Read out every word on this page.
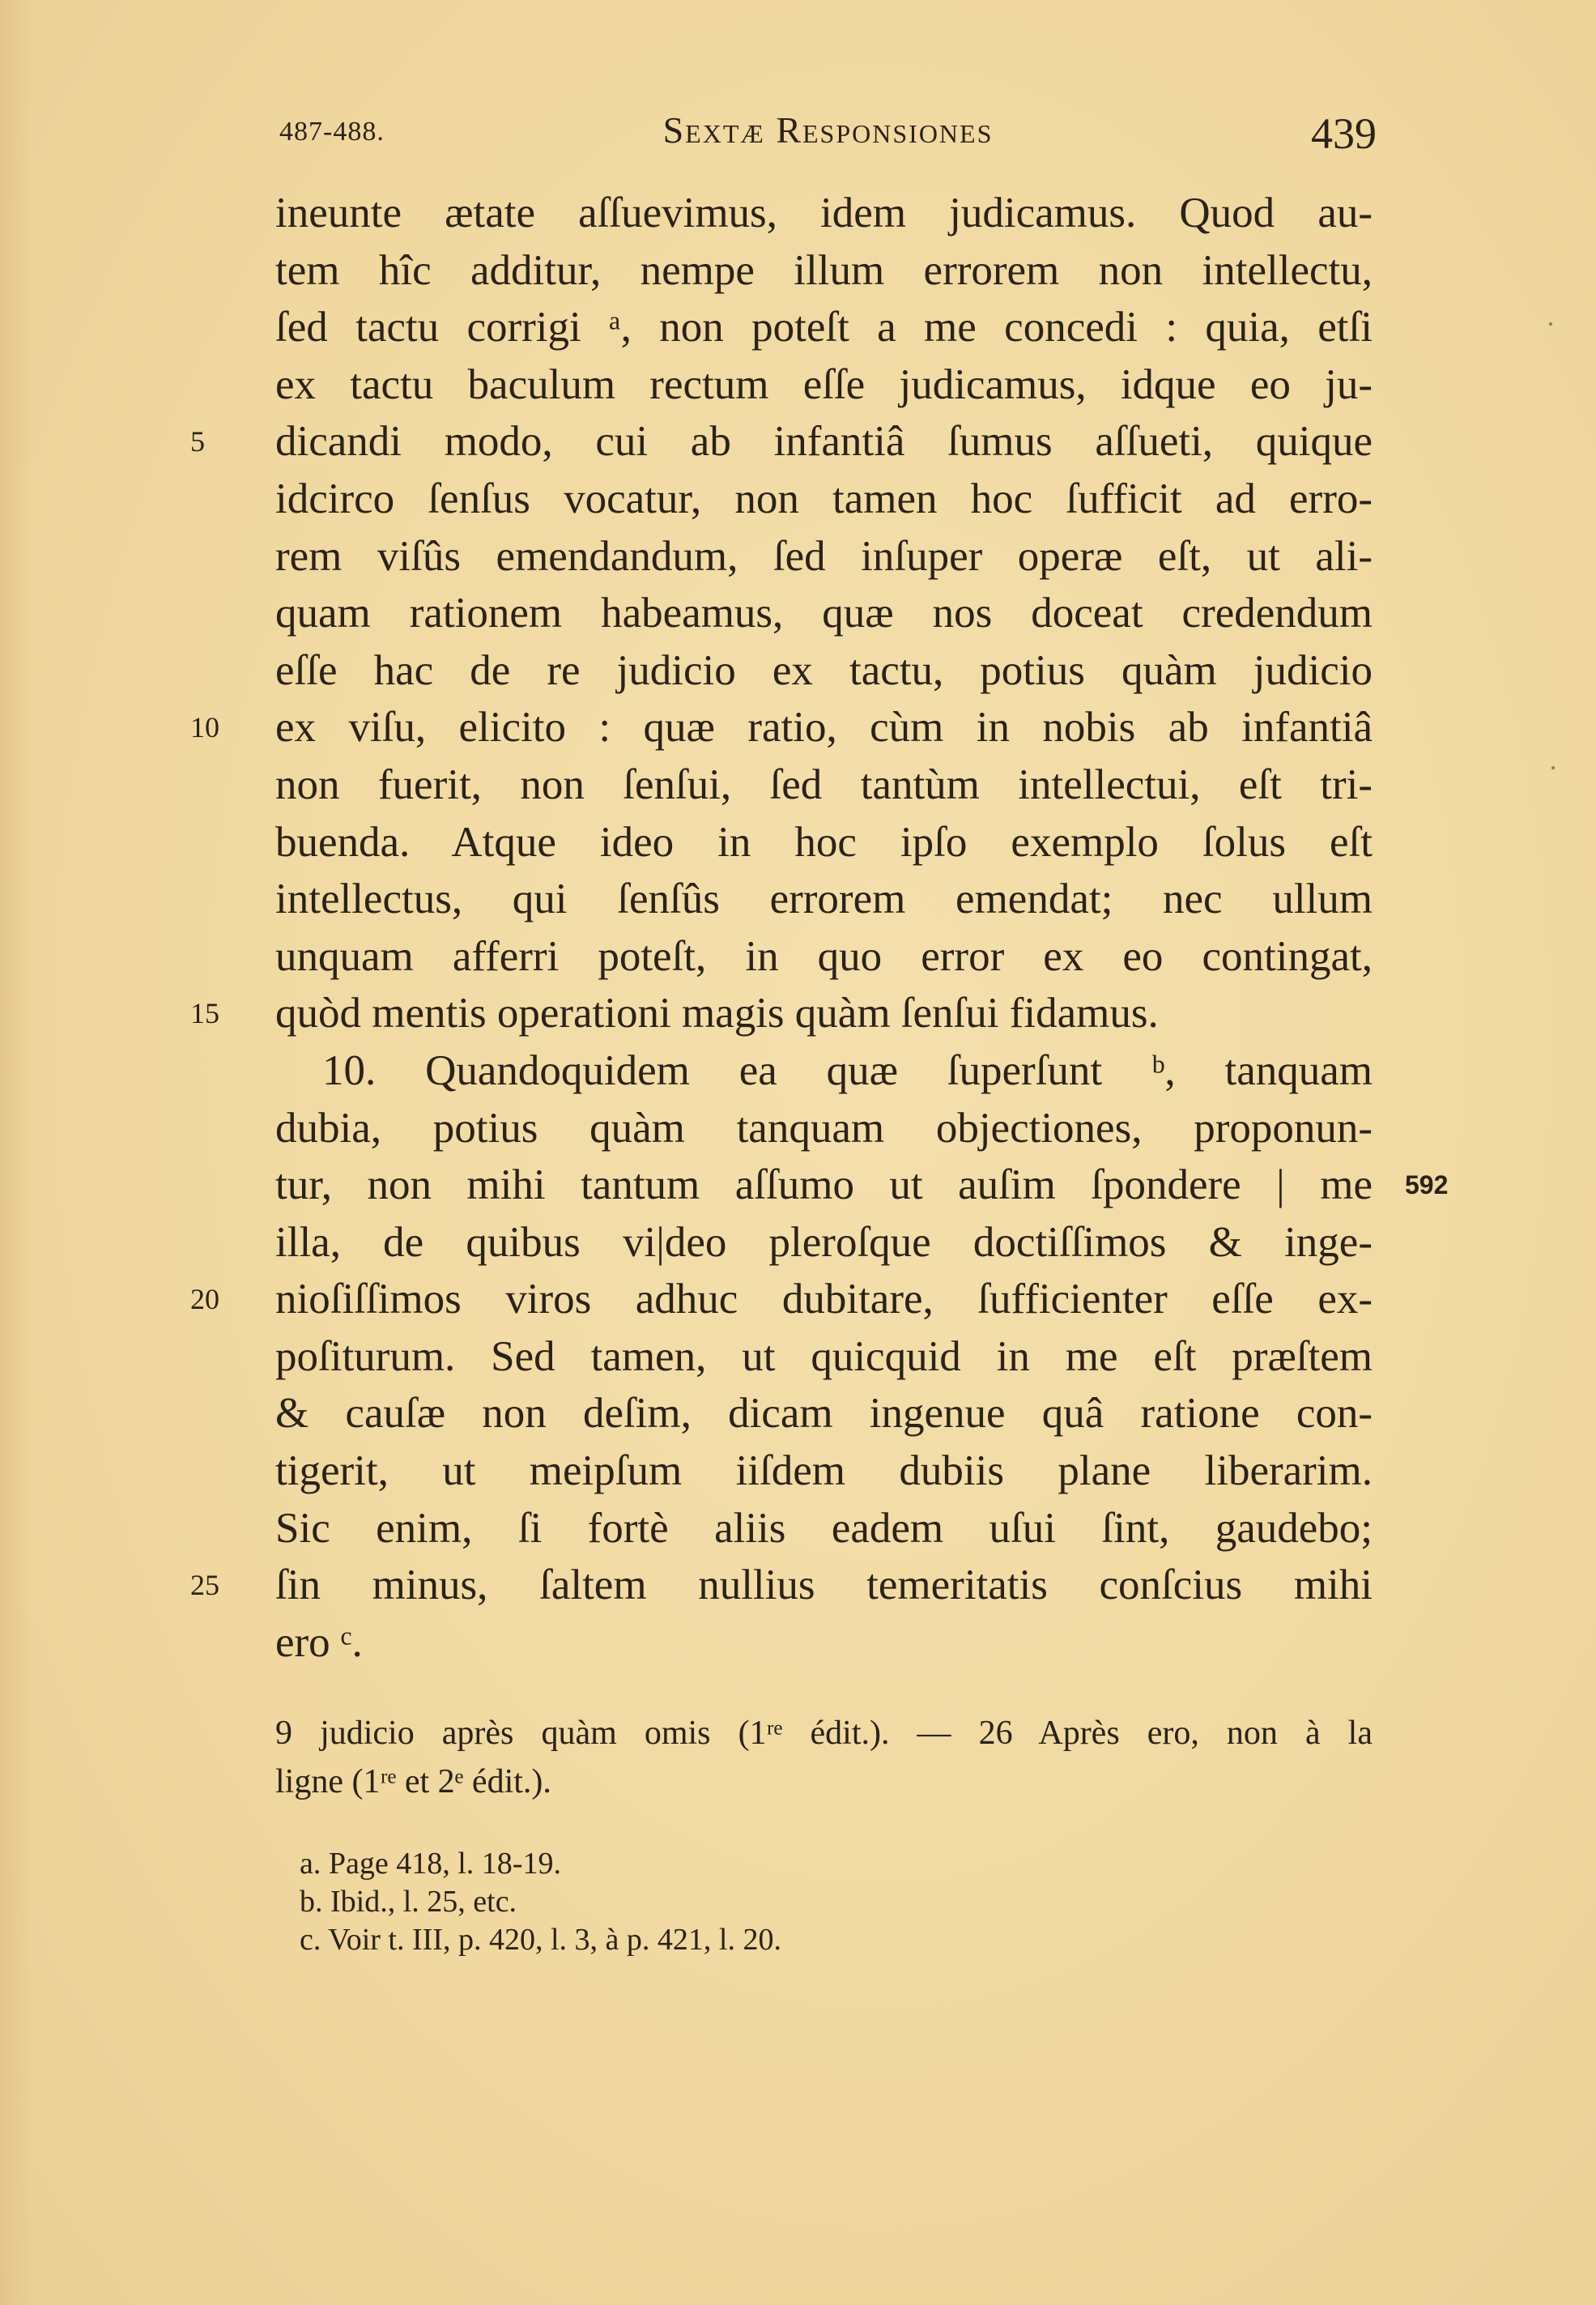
487-488.	Sextæ Responsiones	439
ineunte ætate aſſuevimus, idem judicamus. Quod au-
tem hîc additur, nempe illum errorem non intellectu,
ſed tactu corrigi ᵃ, non poteſt a me concedi : quia, etſi
ex tactu baculum rectum eſſe judicamus, idque eo ju-
5	dicandi modo, cui ab infantiâ ſumus aſſueti, quique
idcirco ſenſus vocatur, non tamen hoc ſufficit ad erro-
rem viſûs emendandum, ſed inſuper operæ eſt, ut ali-
quam rationem habeamus, quæ nos doceat credendum
eſſe hac de re judicio ex tactu, potius quàm judicio
10	ex viſu, elicito : quæ ratio, cùm in nobis ab infantiâ
non fuerit, non ſenſui, ſed tantùm intellectui, eſt tri-
buenda. Atque ideo in hoc ipſo exemplo ſolus eſt
intellectus, qui ſenſûs errorem emendat; nec ullum
unquam afferri poteſt, in quo error ex eo contingat,
15	quòd mentis operationi magis quàm ſenſui fidamus.
10. Quandoquidem ea quæ ſuperſunt ᵇ, tanquam
dubia, potius quàm tanquam objectiones, proponun-
tur, non mihi tantum aſſumo ut auſim ſpondere | me 592
illa, de quibus vi|deo pleroſque doctiſſimos & inge-
20	nioſiſſimos viros adhuc dubitare, ſufficienter eſſe ex-
poſiturum. Sed tamen, ut quicquid in me eſt præſtem
& cauſæ non deſim, dicam ingenue quâ ratione con-
tigerit, ut meipſum iiſdem dubiis plane liberarim.
Sic enim, ſi fortè aliis eadem uſui ſint, gaudebo;
25	ſin minus, ſaltem nullius temeritatis conſcius mihi
ero ᶜ.
9 judicio après quàm omis (1ʳᵉ édit.). — 26 Après ero, non à la
ligne (1ʳᵉ et 2ᵉ édit.).
a. Page 418, l. 18-19.
b. Ibid., l. 25, etc.
c. Voir t. III, p. 420, l. 3, à p. 421, l. 20.
